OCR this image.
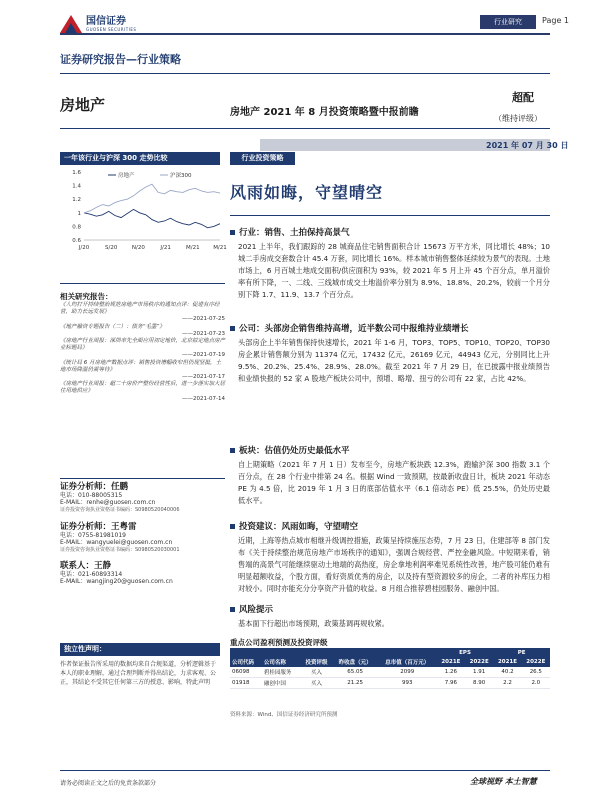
国信证券
GUOSEN SECURITIES
行业研究	Page 1
证券研究报告—行业策略
房地产	房地产 2021 年 8 月投资策略暨中报前瞻
超配
（维持评级）
2021 年 07 月 30 日
一年该行业与沪深 300 走势比较
1.6
1.4
1.2
1
0.8
0.6
J/20	S/20	N/20	J/21	M/21 M/21
房地产	沪深300
相关研究报告：
《人均打开持续整治规范房地产市场秩序的通知点评：促进有序经营，助力长远发展》
——2021-07-25
《地产融资专题报告（二）：债务“毛墨”》
——2021-07-23
《房地产行业周报：深圳率先全面应用初定地价，北京拟定地点房产业标题局》
——2021-07-19
《统计局 6 月房地产数据点评：销售投资增幅收窄但仍现坚挺，土地市场降温仍需等待》
——2021-07-17
《房地产行业周报：超二十房价产整份经营性后，进一步落实加大居住用地供应》
——2021-07-14
证券分析师：任鹏
电话：010-88005315
E-MAIL：renhe@guosen.com.cn
证券投资咨询执业资格证书编码：S0980520040006
证券分析师：王粤雷
电话：0755-81981019
E-MAIL：wangyuelei@guosen.com.cn
证券投资咨询执业资格证书编码：S0980520030001
联系人：王静
电话：021-60893314
E-MAIL：wangjing20@guosen.com.cn
独立性声明：
作者保证报告所采用的数据均来自合规渠道，分析逻辑基于本人的职业理解，通过合理判断并得出结论，力求客观、公正，其结论不受其它任何第三方的授意、影响，特此声明
行业投资策略
风雨如晦，守望晴空
行业：销售、土拍保持高景气
2021 上半年，我们跟踪的 28 城商品住宅销售面积合计 15673 万平方米，同比增长 48%；10 城二手房成交套数合计 45.4 万套，同比增长 16%。样本城市销售整体延续较为景气的表现。土地市场上，6 月百城土地成交面积/供应面积为 93%，较 2021 年 5 月上升 45 个百分点，单月溢价率有所下降，一、二线、三线城市成交土地溢价率分别为 8.9%、18.8%、20.2%，较前一个月分别下降 1.7、11.9、13.7 个百分点。
公司：头部房企销售维持高增，近半数公司中报维持业绩增长
头部房企上半年销售保持快速增长，2021 年 1-6 月，TOP3、TOP5、TOP10、TOP20、TOP30 房企累计销售额分别为 11374 亿元，17432 亿元，26169 亿元，44943 亿元，分别同比上升 9.5%、20.2%、25.4%、28.9%、28.0%。截至 2021 年 7 月 29 日，在已披露中报业绩预告和业绩快报的 52 家 A 股地产板块公司中，预增、略增、扭亏的公司有 22 家，占比 42%。
板块：估值仍处历史最低水平
自上期策略（2021 年 7 月 1 日）发布至今，房地产板块跌 12.3%，跑输沪深 300 指数 3.1 个百分点，在 28 个行业中排第 24 名。根据 Wind 一致预期，按最新收盘日计，板块 2021 年动态 PE 为 4.5 倍，比 2019 年 1 月 3 日的底部估值水平（6.1 倍动态 PE）低 25.5%，仍处历史最低水平。
投资建议：风雨如晦，守望晴空
近期，上海等热点城市相继升级调控措施，政策呈持续施压态势，7 月 23 日，住建部等 8 部门发布《关于持续整治规范房地产市场秩序的通知》，强调合规经营、严控金融风险。中短期来看，销售端的高景气可能继续驱动土地端的高热度，房企拿地利润率难见系统性改善，地产股可能仍难有明显超额收益，个股方面，看好资质优秀的房企，以及持有型资源较多的房企，二者的补库压力相对较小。同时亦能充分分享资产升值的收益。8 月组合推荐碧桂园服务、融创中国。
风险提示
基本面下行超出市场预期，政策基调再规收紧。
重点公司盈利预测及投资评级
					EPS		PE	
公司代码	公司名称	投资评级	昨收盘（元）	总市值（百万元）	2021E	2022E	2021E	2022E
06098	碧桂园服务	买入	65.05	2099	1.26	1.91	40.2	26.5
01918	融创中国	买入	21.25	993	7.96	8.90	2.2	2.0
资料来源：Wind、国信证券经济研究所预测
请务必阅读正文之后的免责条款部分	全球视野 本土智慧
